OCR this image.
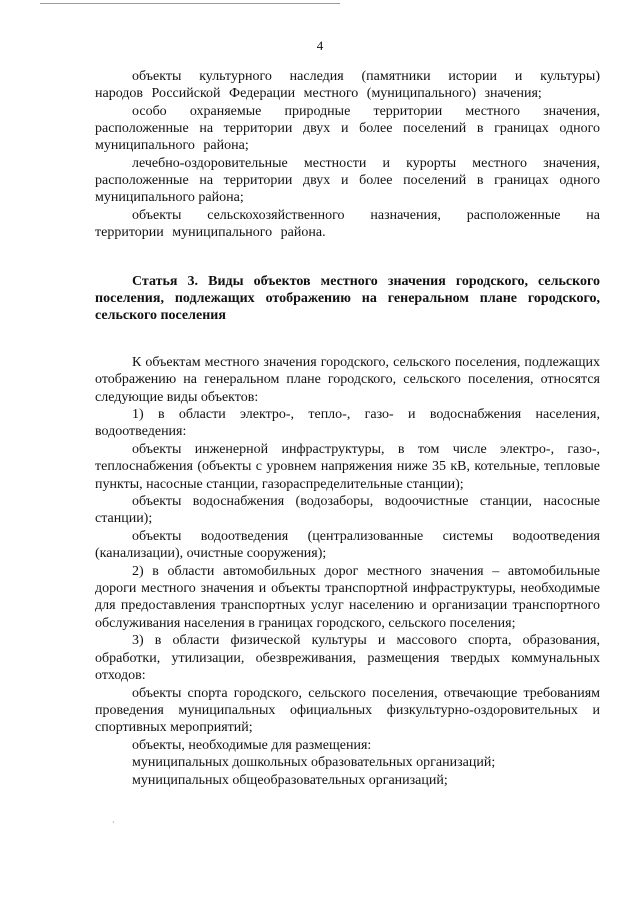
4

объекты культурного наследия (памятники истории и культуры) народов Российской Федерации местного (муниципального) значения;

особо охраняемые природные территории местного значения, расположенные на территории двух и более поселений в границах одного муниципального района;

лечебно-оздоровительные местности и курорты местного значения, расположенные на территории двух и более поселений в границах одного муниципального района;

объекты сельскохозяйственного назначения, расположенные на территории муниципального района.

Статья 3. Виды объектов местного значения городского, сельского поселения, подлежащих отображению на генеральном плане городского, сельского поселения

К объектам местного значения городского, сельского поселения, подлежащих отображению на генеральном плане городского, сельского поселения, относятся следующие виды объектов:

1) в области электро-, тепло-, газо- и водоснабжения населения, водоотведения:

объекты инженерной инфраструктуры, в том числе электро-, газо-, теплоснабжения (объекты с уровнем напряжения ниже 35 кВ, котельные, тепловые пункты, насосные станции, газораспределительные станции);

объекты водоснабжения (водозаборы, водоочистные станции, насосные станции);

объекты водоотведения (централизованные системы водоотведения (канализации), очистные сооружения);

2) в области автомобильных дорог местного значения – автомобильные дороги местного значения и объекты транспортной инфраструктуры, необходимые для предоставления транспортных услуг населению и организации транспортного обслуживания населения в границах городского, сельского поселения;

3) в области физической культуры и массового спорта, образования, обработки, утилизации, обезвреживания, размещения твердых коммунальных отходов:

объекты спорта городского, сельского поселения, отвечающие требованиям проведения муниципальных официальных физкультурно-оздоровительных и спортивных мероприятий;

объекты, необходимые для размещения:

муниципальных дошкольных образовательных организаций;

муниципальных общеобразовательных организаций;

·
